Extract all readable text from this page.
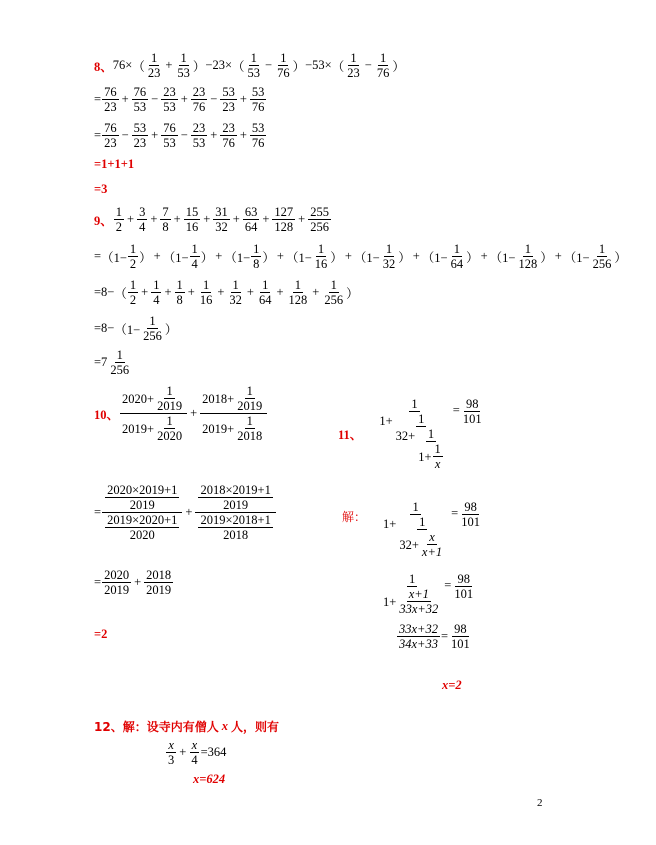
8、 76 × （ $\frac{1}{23} + \frac{1}{53}$ ） −23× （ $\frac{1}{53} - \frac{1}{76}$ ） −53× （ $\frac{1}{23} - \frac{1}{76}$ ）
= $\frac{76}{23} + \frac{76}{53} - \frac{23}{53} + \frac{23}{76} - \frac{53}{23} + \frac{53}{76}$
= $\frac{76}{23} - \frac{53}{23} + \frac{76}{53} - \frac{23}{53} + \frac{23}{76} + \frac{53}{76}$
=1+1+1
=3
9、 $\frac{1}{2} + \frac{3}{4} + \frac{7}{8} + \frac{15}{16} + \frac{31}{32} + \frac{63}{64} + \frac{127}{128} + \frac{255}{256}$
= （$1- \frac{1}{2}$ ） + （$1- \frac{1}{4}$ ） + （$1- \frac{1}{8}$ ） + （$1- \frac{1}{16}$ ） + （$1- \frac{1}{32}$ ） + （$1- \frac{1}{64}$ ） + （$1- \frac{1}{128}$ ） + （$1- \frac{1}{256}$ ）
=8− （ $\frac{1}{2} + \frac{1}{4} + \frac{1}{8} + \frac{1}{16} + \frac{1}{32} + \frac{1}{64} + \frac{1}{128} + \frac{1}{256}$ ）
$=8- (1- \frac{1}{256}$ ）
$=7 \frac{1}{256}$
10、 $\frac{2020+ \frac{1}{2019}}{2019+ \frac{1}{2020}} + \frac{2018+ \frac{1}{2019}}{2019+ \frac{1}{2018}}$
= $\frac{\frac{2020\times 2019+1}{2019}}{\frac{2019\times 2020+1}{2020}} + \frac{\frac{2018\times 2019+1}{2019}}{\frac{2019\times 2018+1}{2018}}$
= $\frac{2020}{2019} + \frac{2018}{2019}$
=2
11、
1
1+ 1
$32+ \frac{1}{1+ \frac{1}{x}}$
= $\frac{98}{101}$
解： $\frac{1}{1+ \frac{1}{32+ \frac{x}{x+1}}} = \frac{98}{101}$
$\frac{1}{1+ \frac{x+1}{33x+32}} = \frac{98}{101}$
$\frac{33x+32}{34x+33} = \frac{98}{101}$
x=2
12、解：设寺内有僧人 x 人，则有
$\frac{x}{3} + \frac{x}{4} =364$
x=624
2
